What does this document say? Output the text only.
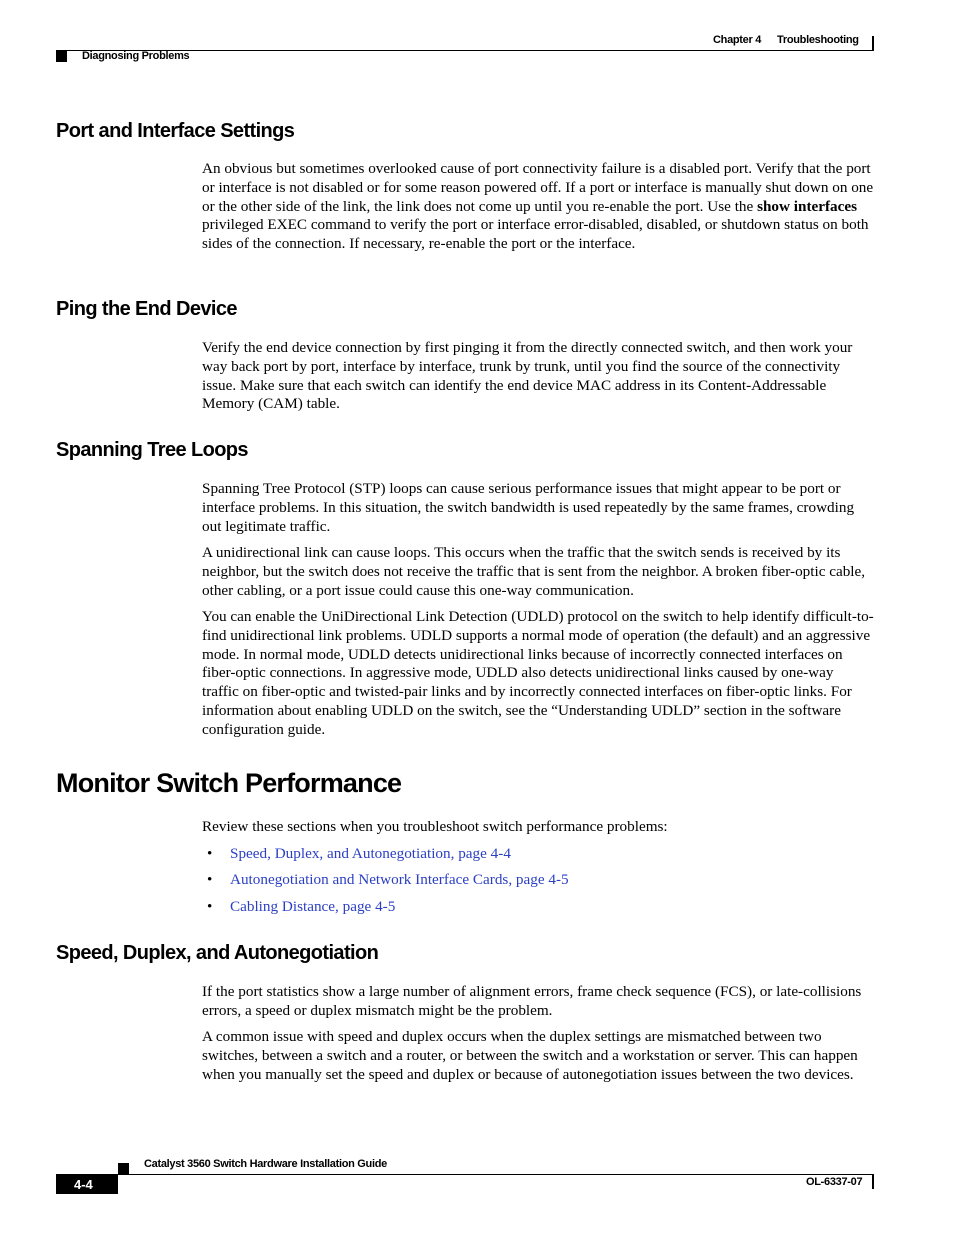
Chapter 4 Troubleshooting
Diagnosing Problems
Port and Interface Settings

An obvious but sometimes overlooked cause of port connectivity failure is a disabled port. Verify that the port or interface is not disabled or for some reason powered off. If a port or interface is manually shut down on one or the other side of the link, the link does not come up until you re-enable the port. Use the show interfaces privileged EXEC command to verify the port or interface error-disabled, disabled, or shutdown status on both sides of the connection. If necessary, re-enable the port or the interface.

Ping the End Device

Verify the end device connection by first pinging it from the directly connected switch, and then work your way back port by port, interface by interface, trunk by trunk, until you find the source of the connectivity issue. Make sure that each switch can identify the end device MAC address in its Content-Addressable Memory (CAM) table.

Spanning Tree Loops

Spanning Tree Protocol (STP) loops can cause serious performance issues that might appear to be port or interface problems. In this situation, the switch bandwidth is used repeatedly by the same frames, crowding out legitimate traffic.

A unidirectional link can cause loops. This occurs when the traffic that the switch sends is received by its neighbor, but the switch does not receive the traffic that is sent from the neighbor. A broken fiber-optic cable, other cabling, or a port issue could cause this one-way communication.

You can enable the UniDirectional Link Detection (UDLD) protocol on the switch to help identify difficult-to-find unidirectional link problems. UDLD supports a normal mode of operation (the default) and an aggressive mode. In normal mode, UDLD detects unidirectional links because of incorrectly connected interfaces on fiber-optic connections. In aggressive mode, UDLD also detects unidirectional links caused by one-way traffic on fiber-optic and twisted-pair links and by incorrectly connected interfaces on fiber-optic links. For information about enabling UDLD on the switch, see the “Understanding UDLD” section in the software configuration guide.

Monitor Switch Performance

Review these sections when you troubleshoot switch performance problems:

• Speed, Duplex, and Autonegotiation, page 4-4
• Autonegotiation and Network Interface Cards, page 4-5
• Cabling Distance, page 4-5
Speed, Duplex, and Autonegotiation

If the port statistics show a large number of alignment errors, frame check sequence (FCS), or late-collisions errors, a speed or duplex mismatch might be the problem.

A common issue with speed and duplex occurs when the duplex settings are mismatched between two switches, between a switch and a router, or between the switch and a workstation or server. This can happen when you manually set the speed and duplex or because of autonegotiation issues between the two devices.

Catalyst 3560 Switch Hardware Installation Guide
4-4	OL-6337-07
